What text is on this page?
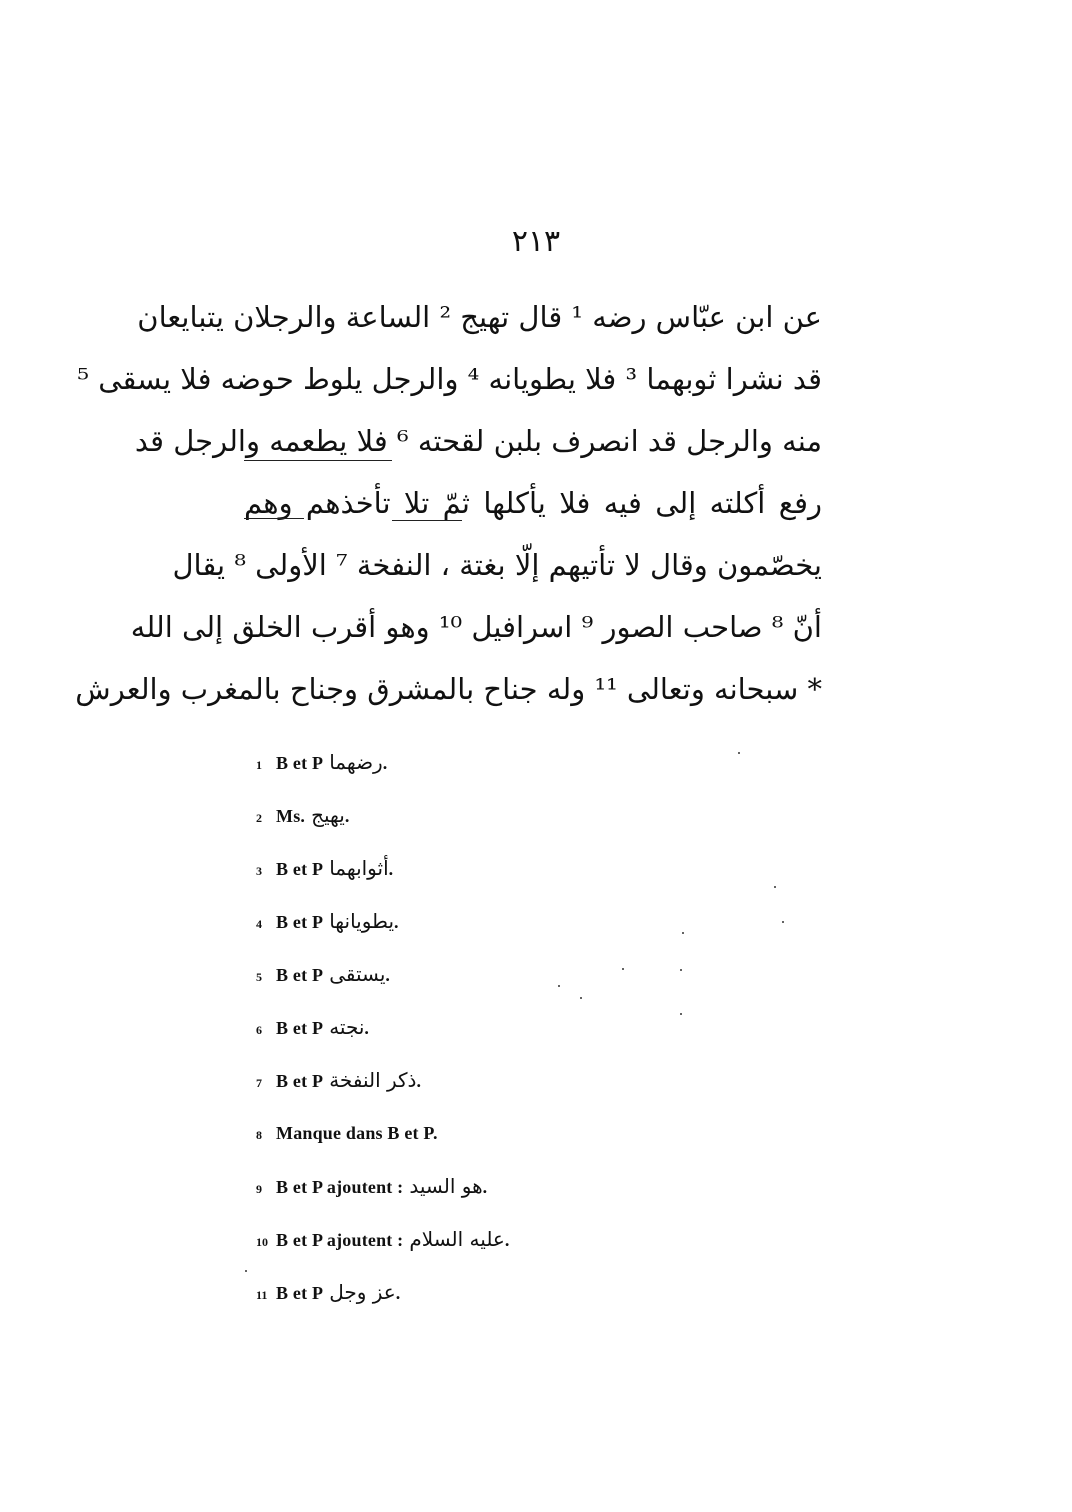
٢١٣
عن ابن عبّاس رضه ¹ قال تهيج ² الساعة والرجلان يتبايعان
قد نشرا ثوبهما ³ فلا يطويانه ⁴ والرجل يلوط حوضه فلا يسقى ⁵
منه والرجل قد انصرف بلبن لقحته ⁶ فلا يطعمه والرجل قد
رفع أكلته إلى فيه فلا يأكلها ثمّ تلا تأخذهم وهم
يخصّمون وقال لا تأتيهم إلّا بغتة ، النفخة ⁷ الأولى ⁸ يقال
أنّ ⁸ صاحب الصور ⁹ اسرافيل ¹⁰ وهو أقرب الخلق إلى الله
* سبحانه وتعالى ¹¹ وله جناح بالمشرق وجناح بالمغرب والعرش
1 B et P رضهما .
2 Ms. يهيج .
3 B et P أثوابهما .
4 B et P يطويانها .
5 B et P يستقى .
6 B et P نجته .
7 B et P ذكر النفخة .
8 Manque dans B et P.
9 B et P ajoutent : هو السيد .
10 B et P ajoutent : عليه السلام .
11 B et P عز وجل .
